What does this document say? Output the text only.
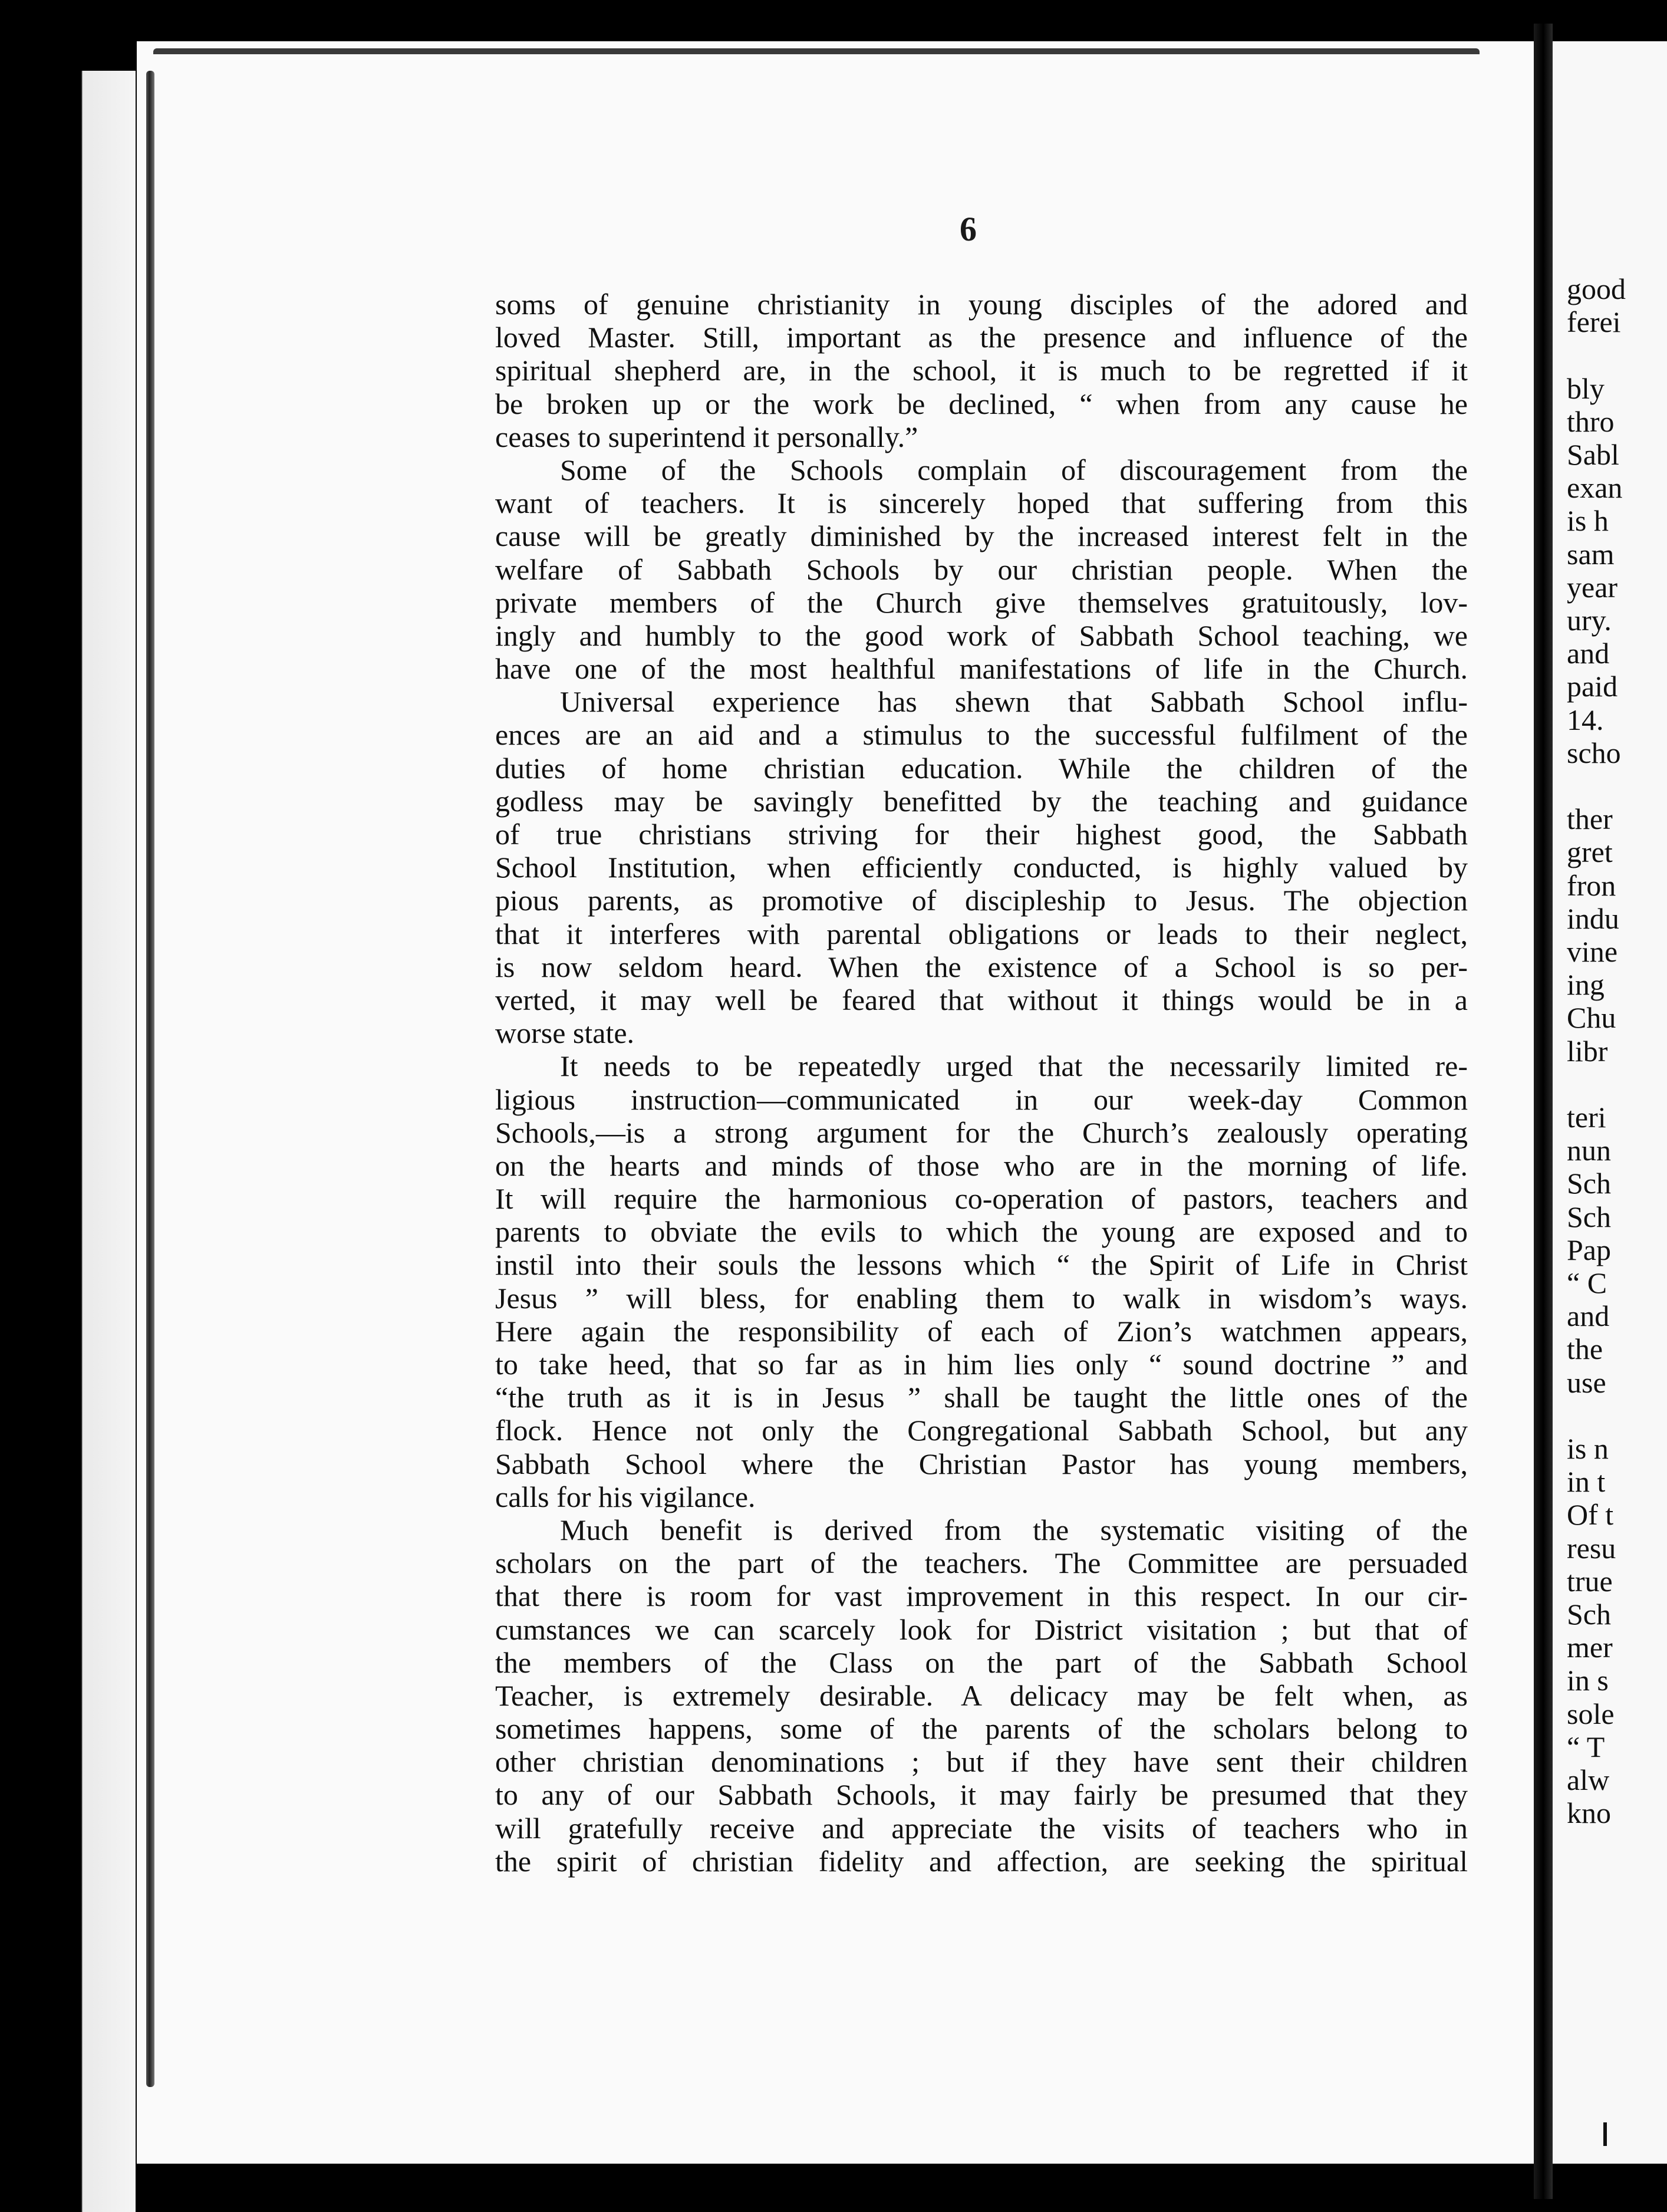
6
soms of genuine christianity in young disciples of the adored and
loved Master. Still, important as the presence and influence of the
spiritual shepherd are, in the school, it is much to be regretted if it
be broken up or the work be declined, “ when from any cause he
ceases to superintend it personally.”
Some of the Schools complain of discouragement from the
want of teachers. It is sincerely hoped that suffering from this
cause will be greatly diminished by the increased interest felt in the
welfare of Sabbath Schools by our christian people. When the
private members of the Church give themselves gratuitously, lov-
ingly and humbly to the good work of Sabbath School teaching, we
have one of the most healthful manifestations of life in the Church.
Universal experience has shewn that Sabbath School influ-
ences are an aid and a stimulus to the successful fulfilment of the
duties of home christian education. While the children of the
godless may be savingly benefitted by the teaching and guidance
of true christians striving for their highest good, the Sabbath
School Institution, when efficiently conducted, is highly valued by
pious parents, as promotive of discipleship to Jesus. The objection
that it interferes with parental obligations or leads to their neglect,
is now seldom heard. When the existence of a School is so per-
verted, it may well be feared that without it things would be in a
worse state.
It needs to be repeatedly urged that the necessarily limited re-
ligious instruction—communicated in our week-day Common
Schools,—is a strong argument for the Church’s zealously operating
on the hearts and minds of those who are in the morning of life.
It will require the harmonious co-operation of pastors, teachers and
parents to obviate the evils to which the young are exposed and to
instil into their souls the lessons which “ the Spirit of Life in Christ
Jesus ” will bless, for enabling them to walk in wisdom’s ways.
Here again the responsibility of each of Zion’s watchmen appears,
to take heed, that so far as in him lies only “ sound doctrine ” and
“the truth as it is in Jesus ” shall be taught the little ones of the
flock. Hence not only the Congregational Sabbath School, but any
Sabbath School where the Christian Pastor has young members,
calls for his vigilance.
Much benefit is derived from the systematic visiting of the
scholars on the part of the teachers. The Committee are persuaded
that there is room for vast improvement in this respect. In our cir-
cumstances we can scarcely look for District visitation ; but that of
the members of the Class on the part of the Sabbath School
Teacher, is extremely desirable. A delicacy may be felt when, as
sometimes happens, some of the parents of the scholars belong to
other christian denominations ; but if they have sent their children
to any of our Sabbath Schools, it may fairly be presumed that they
will gratefully receive and appreciate the visits of teachers who in
the spirit of christian fidelity and affection, are seeking the spiritual
good
ferei
bly
thro
Sabl
exan
is h
sam
year
ury.
and
paid
14.
scho
ther
gret
fron
indu
vine
ing
Chu
libr
teri
nun
Sch
Sch
Pap
“ C
and
the
use
is n
in t
Of t
resu
true
Sch
mer
in s
sole
“ T
alw
kno
